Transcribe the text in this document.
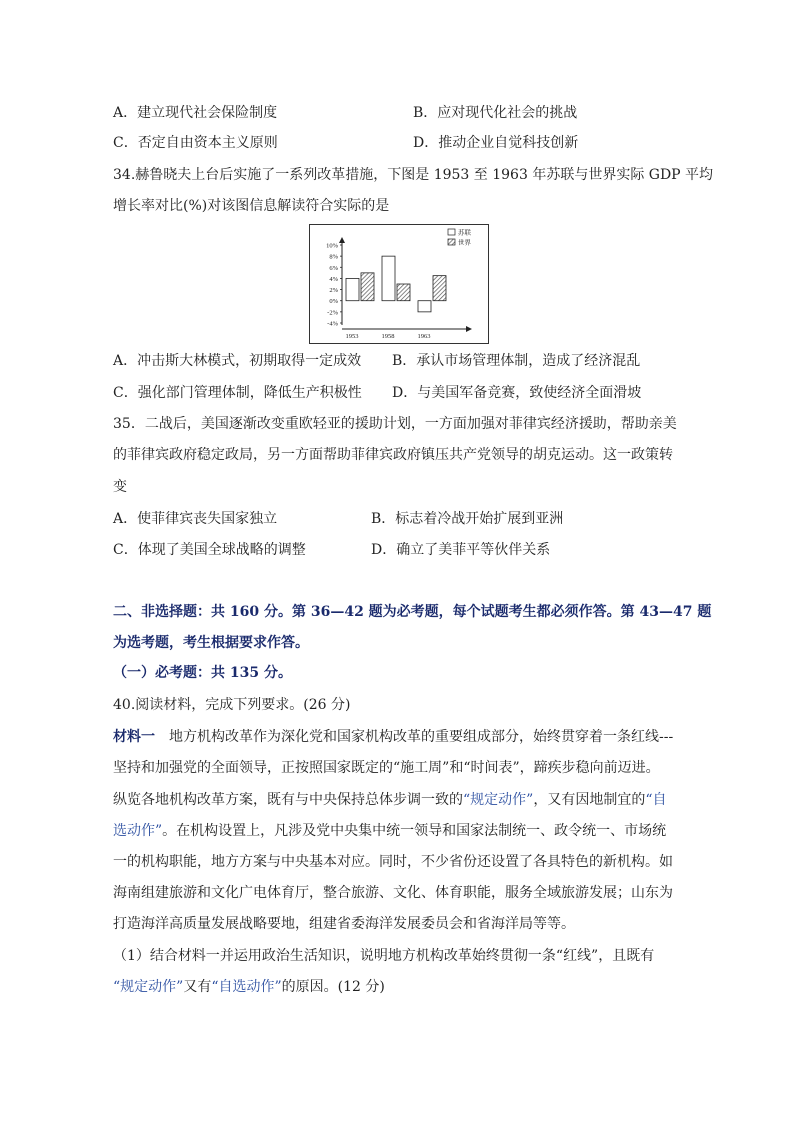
A．建立现代社会保险制度	B．应对现代化社会的挑战
C．否定自由资本主义原则	D．推动企业自觉科技创新
34.赫鲁晓夫上台后实施了一系列改革措施，下图是 1953 至 1963 年苏联与世界实际 GDP 平均
增长率对比(%)对该图信息解读符合实际的是
10%
8%
6%
4%
2%
0%
-2%
-4%
1953	1958	1963
苏联
世界
A．冲击斯大林模式，初期取得一定成效 B．承认市场管理体制，造成了经济混乱
C．强化部门管理体制，降低生产积极性 D．与美国军备竞赛，致使经济全面滑坡
35．二战后，美国逐渐改变重欧轻亚的援助计划，一方面加强对菲律宾经济援助，帮助亲美
的菲律宾政府稳定政局，另一方面帮助菲律宾政府镇压共产党领导的胡克运动。这一政策转
变
A．使菲律宾丧失国家独立	B．标志着冷战开始扩展到亚洲
C．体现了美国全球战略的调整	D．确立了美菲平等伙伴关系
二、非选择题：共 160 分。第 36—42 题为必考题，每个试题考生都必须作答。第 43—47 题
为选考题，考生根据要求作答。
（一）必考题：共 135 分。
40.阅读材料，完成下列要求。(26 分)
材料一　地方机构改革作为深化党和国家机构改革的重要组成部分，始终贯穿着一条红线---
坚持和加强党的全面领导，正按照国家既定的“施工周”和“时间表”，蹄疾步稳向前迈进。
纵览各地机构改革方案，既有与中央保持总体步调一致的“规定动作”，又有因地制宜的“自
选动作”。在机构设置上，凡涉及党中央集中统一领导和国家法制统一、政令统一、市场统
一的机构职能，地方方案与中央基本对应。同时，不少省份还设置了各具特色的新机构。如
海南组建旅游和文化广电体育厅，整合旅游、文化、体育职能，服务全域旅游发展；山东为
打造海洋高质量发展战略要地，组建省委海洋发展委员会和省海洋局等等。
（1）结合材料一并运用政治生活知识，说明地方机构改革始终贯彻一条“红线”，且既有
“规定动作”又有“自选动作”的原因。(12 分)
